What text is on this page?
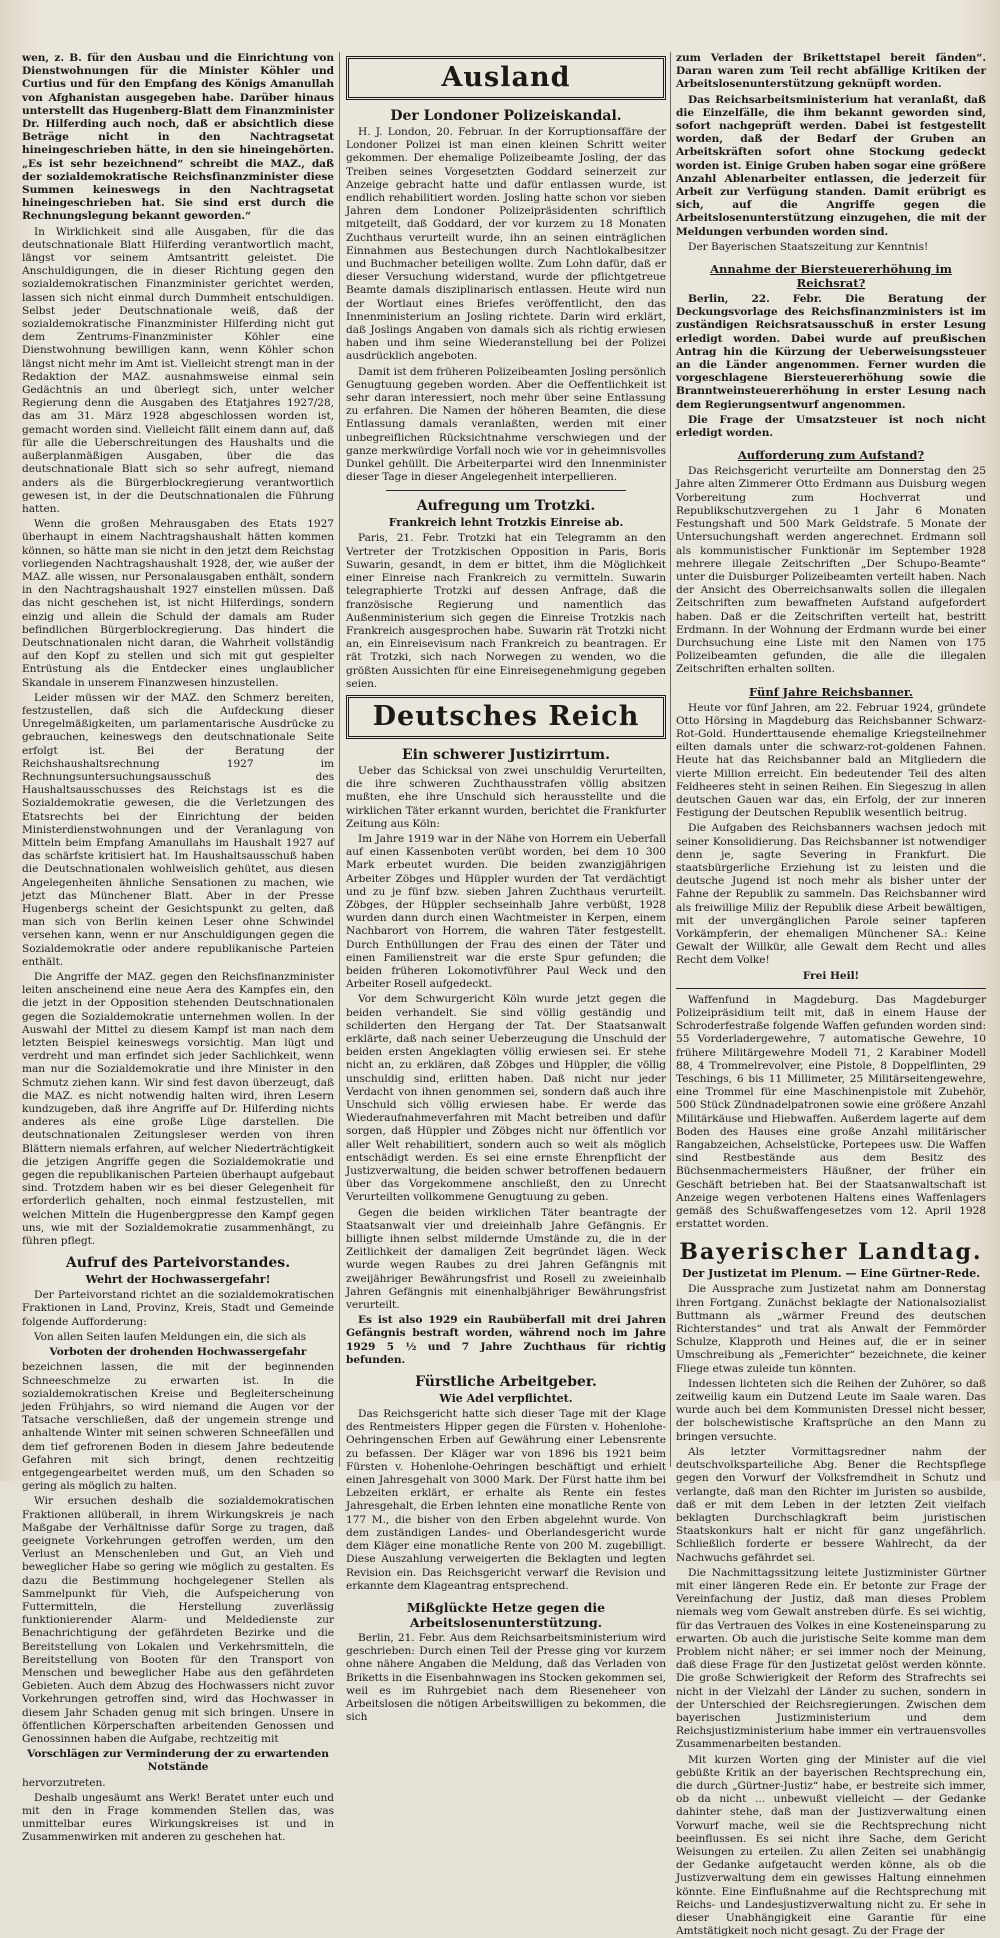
wen, z. B. für den Ausbau und die Einrichtung von Dienstwohnungen für die Minister Köhler und Curtius und für den Empfang des Königs Amanullah von Afghanistan ausgegeben habe. Darüber hinaus unterstellt das Hugenberg-Blatt dem Finanzminister Dr. Hilferding auch noch, daß er absichtlich diese Beträge nicht in den Nachtragsetat hineingeschrieben hätte, in den sie hineingehörten. „Es ist sehr bezeichnend“ schreibt die MAZ., daß der sozialdemokratische Reichsfinanzminister diese Summen keineswegs in den Nachtragsetat hineingeschrieben hat. Sie sind erst durch die Rechnungslegung bekannt geworden.“

In Wirklichkeit sind alle Ausgaben, für die das deutschnationale Blatt Hilferding verantwortlich macht, längst vor seinem Amtsantritt geleistet. Die Anschuldigungen, die in dieser Richtung gegen den sozialdemokratischen Finanzminister gerichtet werden, lassen sich nicht einmal durch Dummheit entschuldigen. Selbst jeder Deutschnationale weiß, daß der sozialdemokratische Finanzminister Hilferding nicht gut dem Zentrums-Finanzminister Köhler eine Dienstwohnung bewilligen kann, wenn Köhler schon längst nicht mehr im Amt ist. Vielleicht strengt man in der Redaktion der MAZ. ausnahmsweise einmal sein Gedächtnis an und überlegt sich, unter welcher Regierung denn die Ausgaben des Etatjahres 1927/28, das am 31. März 1928 abgeschlossen worden ist, gemacht worden sind. Vielleicht fällt einem dann auf, daß für alle die Ueberschreitungen des Haushalts und die außerplanmäßigen Ausgaben, über die das deutschnationale Blatt sich so sehr aufregt, niemand anders als die Bürgerblockregierung verantwortlich gewesen ist, in der die Deutschnationalen die Führung hatten.

Wenn die großen Mehrausgaben des Etats 1927 überhaupt in einem Nachtragshaushalt hätten kommen können, so hätte man sie nicht in den jetzt dem Reichstag vorliegenden Nachtragshaushalt 1928, der, wie außer der MAZ. alle wissen, nur Personalausgaben enthält, sondern in den Nachtragshaushalt 1927 einstellen müssen. Daß das nicht geschehen ist, ist nicht Hilferdings, sondern einzig und allein die Schuld der damals am Ruder befindlichen Bürgerblockregierung. Das hindert die Deutschnationalen nicht daran, die Wahrheit vollständig auf den Kopf zu stellen und sich mit gut gespielter Entrüstung als die Entdecker eines unglaublicher Skandale in unserem Finanzwesen hinzustellen.

Leider müssen wir der MAZ. den Schmerz bereiten, festzustellen, daß sich die Aufdeckung dieser Unregelmäßigkeiten, um parlamentarische Ausdrücke zu gebrauchen, keineswegs den deutschnationale Seite erfolgt ist. Bei der Beratung der Reichshaushaltsrechnung 1927 im Rechnungsuntersuchungsausschuß des Haushaltsausschusses des Reichstags ist es die Sozialdemokratie gewesen, die die Verletzungen des Etatsrechts bei der Einrichtung der beiden Ministerdienstwohnungen und der Veranlagung von Mitteln beim Empfang Amanullahs im Haushalt 1927 auf das schärfste kritisiert hat. Im Haushaltsausschuß haben die Deutschnationalen wohlweislich gehütet, aus diesen Angelegenheiten ähnliche Sensationen zu machen, wie jetzt das Münchener Blatt. Aber in der Presse Hugenbergs scheint der Gesichtspunkt zu gelten, daß man sich von Berlin keinen Leser ohne Schwindel versehen kann, wenn er nur Anschuldigungen gegen die Sozialdemokratie oder andere republikanische Parteien enthält.

Die Angriffe der MAZ. gegen den Reichsfinanzminister leiten anscheinend eine neue Aera des Kampfes ein, den die jetzt in der Opposition stehenden Deutschnationalen gegen die Sozialdemokratie unternehmen wollen. In der Auswahl der Mittel zu diesem Kampf ist man nach dem letzten Beispiel keineswegs vorsichtig. Man lügt und verdreht und man erfindet sich jeder Sachlichkeit, wenn man nur die Sozialdemokratie und ihre Minister in den Schmutz ziehen kann. Wir sind fest davon überzeugt, daß die MAZ. es nicht notwendig halten wird, ihren Lesern kundzugeben, daß ihre Angriffe auf Dr. Hilferding nichts anderes als eine große Lüge darstellen. Die deutschnationalen Zeitungsleser werden von ihren Blättern niemals erfahren, auf welcher Niederträchtigkeit die jetzigen Angriffe gegen die Sozialdemokratie und gegen die republikanischen Parteien überhaupt aufgebaut sind. Trotzdem haben wir es bei dieser Gelegenheit für erforderlich gehalten, noch einmal festzustellen, mit welchen Mitteln die Hugenbergpresse den Kampf gegen uns, wie mit der Sozialdemokratie zusammenhängt, zu führen pflegt.

Aufruf des Parteivorstandes.
Wehrt der Hochwassergefahr!

Der Parteivorstand richtet an die sozialdemokratischen Fraktionen in Land, Provinz, Kreis, Stadt und Gemeinde folgende Aufforderung:

Von allen Seiten laufen Meldungen ein, die sich als

Vorboten der drohenden Hochwassergefahr

bezeichnen lassen, die mit der beginnenden Schneeschmelze zu erwarten ist. In die sozialdemokratischen Kreise und Begleiterscheinung jeden Frühjahrs, so wird niemand die Augen vor der Tatsache verschließen, daß der ungemein strenge und anhaltende Winter mit seinen schweren Schneefällen und dem tief gefrorenen Boden in diesem Jahre bedeutende Gefahren mit sich bringt, denen rechtzeitig entgegengearbeitet werden muß, um den Schaden so gering als möglich zu halten.

Wir ersuchen deshalb die sozialdemokratischen Fraktionen allüberall, in ihrem Wirkungskreis je nach Maßgabe der Verhältnisse dafür Sorge zu tragen, daß geeignete Vorkehrungen getroffen werden, um den Verlust an Menschenleben und Gut, an Vieh und beweglicher Habe so gering wie möglich zu gestalten. Es dazu die Bestimmung hochgelegener Stellen als Sammelpunkt für Vieh, die Aufspeicherung von Futtermitteln, die Herstellung zuverlässig funktionierender Alarm- und Meldedienste zur Benachrichtigung der gefährdeten Bezirke und die Bereitstellung von Lokalen und Verkehrsmitteln, die Bereitstellung von Booten für den Transport von Menschen und beweglicher Habe aus den gefährdeten Gebieten. Auch dem Abzug des Hochwassers nicht zuvor Vorkehrungen getroffen sind, wird das Hochwasser in diesem Jahr Schaden genug mit sich bringen. Unsere in öffentlichen Körperschaften arbeitenden Genossen und Genossinnen haben die Aufgabe, rechtzeitig mit

Vorschlägen zur Verminderung der zu erwartenden Notstände

hervorzutreten.

Deshalb ungesäumt ans Werk! Beratet unter euch und mit den in Frage kommenden Stellen das, was unmittelbar eures Wirkungskreises ist und in Zusammenwirken mit anderen zu geschehen hat.

Ausland
Der Londoner Polizeiskandal.

H. J. London, 20. Februar. In der Korruptionsaffäre der Londoner Polizei ist man einen kleinen Schritt weiter gekommen. Der ehemalige Polizeibeamte Josling, der das Treiben seines Vorgesetzten Goddard seinerzeit zur Anzeige gebracht hatte und dafür entlassen wurde, ist endlich rehabilitiert worden. Josling hatte schon vor sieben Jahren dem Londoner Polizeipräsidenten schriftlich mitgeteilt, daß Goddard, der vor kurzem zu 18 Monaten Zuchthaus verurteilt wurde, ihn an seinen einträglichen Einnahmen aus Bestechungen durch Nachtlokalbesitzer und Buchmacher beteiligen wollte. Zum Lohn dafür, daß er dieser Versuchung widerstand, wurde der pflichtgetreue Beamte damals disziplinarisch entlassen. Heute wird nun der Wortlaut eines Briefes veröffentlicht, den das Innenministerium an Josling richtete. Darin wird erklärt, daß Joslings Angaben von damals sich als richtig erwiesen haben und ihm seine Wiederanstellung bei der Polizei ausdrücklich angeboten.

Damit ist dem früheren Polizeibeamten Josling persönlich Genugtuung gegeben worden. Aber die Oeffentlichkeit ist sehr daran interessiert, noch mehr über seine Entlassung zu erfahren. Die Namen der höheren Beamten, die diese Entlassung damals veranlaßten, werden mit einer unbegreiflichen Rücksichtnahme verschwiegen und der ganze merkwürdige Vorfall noch wie vor in geheimnisvolles Dunkel gehüllt. Die Arbeiterpartei wird den Innenminister dieser Tage in dieser Angelegenheit interpellieren.

Aufregung um Trotzki.
Frankreich lehnt Trotzkis Einreise ab.

Paris, 21. Febr. Trotzki hat ein Telegramm an den Vertreter der Trotzkischen Opposition in Paris, Boris Suwarin, gesandt, in dem er bittet, ihm die Möglichkeit einer Einreise nach Frankreich zu vermitteln. Suwarin telegraphierte Trotzki auf dessen Anfrage, daß die französische Regierung und namentlich das Außenministerium sich gegen die Einreise Trotzkis nach Frankreich ausgesprochen habe. Suwarin rät Trotzki nicht an, ein Einreisevisum nach Frankreich zu beantragen. Er rät Trotzki, sich nach Norwegen zu wenden, wo die größten Aussichten für eine Einreisegenehmigung gegeben seien.

Deutsches Reich
Ein schwerer Justizirrtum.

Ueber das Schicksal von zwei unschuldig Verurteilten, die ihre schweren Zuchthausstrafen völlig absitzen mußten, ehe ihre Unschuld sich herausstellte und die wirklichen Täter erkannt wurden, berichtet die Frankfurter Zeitung aus Köln:

Im Jahre 1919 war in der Nähe von Horrem ein Ueberfall auf einen Kassenboten verübt worden, bei dem 10 300 Mark erbeutet wurden. Die beiden zwanzigjährigen Arbeiter Zöbges und Hüppler wurden der Tat verdächtigt und zu je fünf bzw. sieben Jahren Zuchthaus verurteilt. Zöbges, der Hüppler sechseinhalb Jahre verbüßt, 1928 wurden dann durch einen Wachtmeister in Kerpen, einem Nachbarort von Horrem, die wahren Täter festgestellt. Durch Enthüllungen der Frau des einen der Täter und einen Familienstreit war die erste Spur gefunden; die beiden früheren Lokomotivführer Paul Weck und den Arbeiter Rosell aufgedeckt.

Vor dem Schwurgericht Köln wurde jetzt gegen die beiden verhandelt. Sie sind völlig geständig und schilderten den Hergang der Tat. Der Staatsanwalt erklärte, daß nach seiner Ueberzeugung die Unschuld der beiden ersten Angeklagten völlig erwiesen sei. Er stehe nicht an, zu erklären, daß Zöbges und Hüppler, die völlig unschuldig sind, erlitten haben. Daß nicht nur jeder Verdacht von ihnen genommen sei, sondern daß auch ihre Unschuld sich völlig erwiesen habe. Er werde das Wiederaufnahmeverfahren mit Macht betreiben und dafür sorgen, daß Hüppler und Zöbges nicht nur öffentlich vor aller Welt rehabilitiert, sondern auch so weit als möglich entschädigt werden. Es sei eine ernste Ehrenpflicht der Justizverwaltung, die beiden schwer betroffenen bedauern über das Vorgekommene anschließt, den zu Unrecht Verurteilten vollkommene Genugtuung zu geben.

Gegen die beiden wirklichen Täter beantragte der Staatsanwalt vier und dreieinhalb Jahre Gefängnis. Er billigte ihnen selbst mildernde Umstände zu, die in der Zeitlichkeit der damaligen Zeit begründet lägen. Weck wurde wegen Raubes zu drei Jahren Gefängnis mit zweijähriger Bewährungsfrist und Rosell zu zweieinhalb Jahren Gefängnis mit einenhalbjähriger Bewährungsfrist verurteilt.

Es ist also 1929 ein Raubüberfall mit drei Jahren Gefängnis bestraft worden, während noch im Jahre 1929 5 ½ und 7 Jahre Zuchthaus für richtig befunden.

Fürstliche Arbeitgeber.
Wie Adel verpflichtet.

Das Reichsgericht hatte sich dieser Tage mit der Klage des Rentmeisters Hipper gegen die Fürsten v. Hohenlohe-Oehringenschen Erben auf Gewährung einer Lebensrente zu befassen. Der Kläger war von 1896 bis 1921 beim Fürsten v. Hohenlohe-Oehringen beschäftigt und erhielt einen Jahresgehalt von 3000 Mark. Der Fürst hatte ihm bei Lebzeiten erklärt, er erhalte als Rente ein festes Jahresgehalt, die Erben lehnten eine monatliche Rente von 177 M., die bisher von den Erben abgelehnt wurde. Von dem zuständigen Landes- und Oberlandesgericht wurde dem Kläger eine monatliche Rente von 200 M. zugebilligt. Diese Auszahlung verweigerten die Beklagten und legten Revision ein. Das Reichsgericht verwarf die Revision und erkannte dem Klageantrag entsprechend.

Mißglückte Hetze gegen die Arbeitslosenunterstützung.

Berlin, 21. Febr. Aus dem Reichsarbeitsministerium wird geschrieben: Durch einen Teil der Presse ging vor kurzem ohne nähere Angaben die Meldung, daß das Verladen von Briketts in die Eisenbahnwagen ins Stocken gekommen sei, weil es im Ruhrgebiet nach dem Rieseneheer von Arbeitslosen die nötigen Arbeitswilligen zu bekommen, die sich

zum Verladen der Brikettstapel bereit fänden“. Daran waren zum Teil recht abfällige Kritiken der Arbeitslosenunterstützung geknüpft worden.

Das Reichsarbeitsministerium hat veranlaßt, daß die Einzelfälle, die ihm bekannt geworden sind, sofort nachgeprüft werden. Dabei ist festgestellt worden, daß der Bedarf der Gruben an Arbeitskräften sofort ohne Stockung gedeckt worden ist. Einige Gruben haben sogar eine größere Anzahl Ablenarbeiter entlassen, die jederzeit für Arbeit zur Verfügung standen. Damit erübrigt es sich, auf die Angriffe gegen die Arbeitslosenunterstützung einzugehen, die mit der Meldungen verbunden worden sind.

Der Bayerischen Staatszeitung zur Kenntnis!

Annahme der Biersteuererhöhung im Reichsrat?

Berlin, 22. Febr. Die Beratung der Deckungsvorlage des Reichsfinanzministers ist im zuständigen Reichsratsausschuß in erster Lesung erledigt worden. Dabei wurde auf preußischen Antrag hin die Kürzung der Ueberweisungssteuer an die Länder angenommen. Ferner wurden die vorgeschlagene Biersteuererhöhung sowie die Branntweinsteuererhöhung in erster Lesung nach dem Regierungsentwurf angenommen.

Die Frage der Umsatzsteuer ist noch nicht erledigt worden.

Aufforderung zum Aufstand?

Das Reichsgericht verurteilte am Donnerstag den 25 Jahre alten Zimmerer Otto Erdmann aus Duisburg wegen Vorbereitung zum Hochverrat und Republikschutzvergehen zu 1 Jahr 6 Monaten Festungshaft und 500 Mark Geldstrafe. 5 Monate der Untersuchungshaft werden angerechnet. Erdmann soll als kommunistischer Funktionär im September 1928 mehrere illegale Zeitschriften „Der Schupo-Beamte“ unter die Duisburger Polizeibeamten verteilt haben. Nach der Ansicht des Oberreichsanwalts sollen die illegalen Zeitschriften zum bewaffneten Aufstand aufgefordert haben. Daß er die Zeitschriften verteilt hat, bestritt Erdmann. In der Wohnung der Erdmann wurde bei einer Durchsuchung eine Liste mit den Namen von 175 Polizeibeamten gefunden, die alle die illegalen Zeitschriften erhalten sollten.

Fünf Jahre Reichsbanner.

Heute vor fünf Jahren, am 22. Februar 1924, gründete Otto Hörsing in Magdeburg das Reichsbanner Schwarz-Rot-Gold. Hunderttausende ehemalige Kriegsteilnehmer eilten damals unter die schwarz-rot-goldenen Fahnen. Heute hat das Reichsbanner bald an Mitgliedern die vierte Million erreicht. Ein bedeutender Teil des alten Feldheeres steht in seinen Reihen. Ein Siegeszug in allen deutschen Gauen war das, ein Erfolg, der zur inneren Festigung der Deutschen Republik wesentlich beitrug.

Die Aufgaben des Reichsbanners wachsen jedoch mit seiner Konsolidierung. Das Reichsbanner ist notwendiger denn je, sagte Severing in Frankfurt. Die staatsbürgerliche Erziehung ist zu leisten und die deutsche Jugend ist noch mehr als bisher unter der Fahne der Republik zu sammeln. Das Reichsbanner wird als freiwillige Miliz der Republik diese Arbeit bewältigen, mit der unvergänglichen Parole seiner tapferen Vorkämpferin, der ehemaligen Münchener SA.: Keine Gewalt der Willkür, alle Gewalt dem Recht und alles Recht dem Volke!

Frei Heil!

Waffenfund in Magdeburg. Das Magdeburger Polizeipräsidium teilt mit, daß in einem Hause der Schroderfestraße folgende Waffen gefunden worden sind: 55 Vorderladergewehre, 7 automatische Gewehre, 10 frühere Militärgewehre Modell 71, 2 Karabiner Modell 88, 4 Trommelrevolver, eine Pistole, 8 Doppelflinten, 29 Teschings, 6 bis 11 Millimeter, 25 Militärseitengewehre, eine Trommel für eine Maschinenpistole mit Zubehör, 500 Stück Zündnadelpatronen sowie eine größere Anzahl Militärkäuse und Hiebwaffen. Außerdem lagerte auf dem Boden des Hauses eine große Anzahl militärischer Rangabzeichen, Achselstücke, Portepees usw. Die Waffen sind Restbestände aus dem Besitz des Büchsenmachermeisters Häußner, der früher ein Geschäft betrieben hat. Bei der Staatsanwaltschaft ist Anzeige wegen verbotenen Haltens eines Waffenlagers gemäß des Schußwaffengesetzes vom 12. April 1928 erstattet worden.

Bayerischer Landtag.
Der Justizetat im Plenum. — Eine Gürtner-Rede.

Die Aussprache zum Justizetat nahm am Donnerstag ihren Fortgang. Zunächst beklagte der Nationalsozialist Buttmann als „wärmer Freund des deutschen Richterstandes“ und trat als Anwalt der Femmörder Schulze, Klapproth und Heines auf, die er in seiner Umschreibung als „Femerichter“ bezeichnete, die keiner Fliege etwas zuleide tun könnten.

Indessen lichteten sich die Reihen der Zuhörer, so daß zeitweilig kaum ein Dutzend Leute im Saale waren. Das wurde auch bei dem Kommunisten Dressel nicht besser, der bolschewistische Kraftsprüche an den Mann zu bringen versuchte.

Als letzter Vormittagsredner nahm der deutschvolksparteiliche Abg. Bener die Rechtspflege gegen den Vorwurf der Volksfremdheit in Schutz und verlangte, daß man den Richter im Juristen so ausbilde, daß er mit dem Leben in der letzten Zeit vielfach beklagten Durchschlagkraft beim juristischen Staatskonkurs halt er nicht für ganz ungefährlich. Schließlich forderte er bessere Wahlrecht, da der Nachwuchs gefährdet sei.

Die Nachmittagssitzung leitete Justizminister Gürtner mit einer längeren Rede ein. Er betonte zur Frage der Vereinfachung der Justiz, daß man dieses Problem niemals weg vom Gewalt anstreben dürfe. Es sei wichtig, für das Vertrauen des Volkes in eine Kosteneinsparung zu erwarten. Ob auch die juristische Seite komme man dem Problem nicht näher; er sei immer noch der Meinung, daß diese Frage für den Justizetat gelöst werden könnte. Die große Schwierigkeit der Reform des Strafrechts sei nicht in der Vielzahl der Länder zu suchen, sondern in der Unterschied der Reichsregierungen. Zwischen dem bayerischen Justizministerium und dem Reichsjustizministerium habe immer ein vertrauensvolles Zusammenarbeiten bestanden.

Mit kurzen Worten ging der Minister auf die viel gebüßte Kritik an der bayerischen Rechtsprechung ein, die durch „Gürtner-Justiz“ habe, er bestreite sich immer, ob da nicht ... unbewußt vielleicht — der Gedanke dahinter stehe, daß man der Justizverwaltung einen Vorwurf mache, weil sie die Rechtsprechung nicht beeinflussen. Es sei nicht ihre Sache, dem Gericht Weisungen zu erteilen. Zu allen Zeiten sei unabhängig der Gedanke aufgetaucht werden könne, als ob die Justizverwaltung dem ein gewisses Haltung einnehmen könnte. Eine Einflußnahme auf die Rechtsprechung mit Reichs- und Landesjustizverwaltung nicht zu. Er sehe in dieser Unabhängigkeit eine Garantie für eine Amtstätigkeit noch nicht gesagt. Zu der Frage der
